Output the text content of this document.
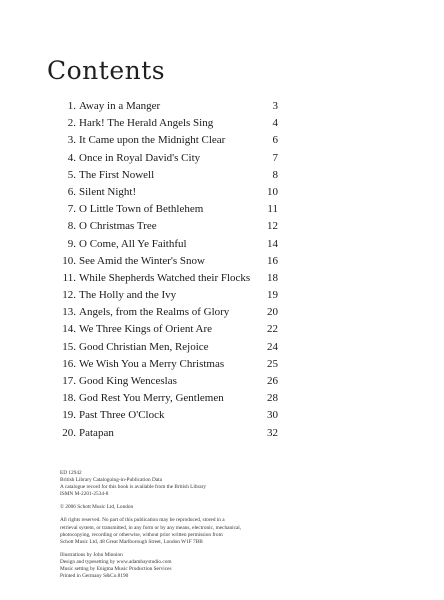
Contents
1. Away in a Manger	3
2. Hark! The Herald Angels Sing	4
3. It Came upon the Midnight Clear	6
4. Once in Royal David's City	7
5. The First Nowell	8
6. Silent Night!	10
7. O Little Town of Bethlehem	11
8. O Christmas Tree	12
9. O Come, All Ye Faithful	14
10. See Amid the Winter's Snow	16
11. While Shepherds Watched their Flocks 18
12. The Holly and the Ivy	19
13. Angels, from the Realms of Glory	20
14. We Three Kings of Orient Are	22
15. Good Christian Men, Rejoice	24
16. We Wish You a Merry Christmas	25
17. Good King Wenceslas	26
18. God Rest You Merry, Gentlemen	28
19. Past Three O'Clock	30
20. Patapan	32
ED 12942
British Library Cataloguing-in-Publication Data
A catalogue record for this book is available from the British Library
ISMN M-2201-2534-8
© 2006 Schott Music Ltd, London
All rights reserved. No part of this publication may be reproduced, stored in a
retrieval system, or transmitted, in any form or by any means, electronic, mechanical,
photocopying, recording or otherwise, without prior written permission from
Schott Music Ltd, 48 Great Marlborough Street, London W1F 7BB
Illustrations by John Minnion
Design and typesetting by www.adambaystudio.com
Music setting by Enigma Music Production Services
Printed in Germany S&Co.8190
